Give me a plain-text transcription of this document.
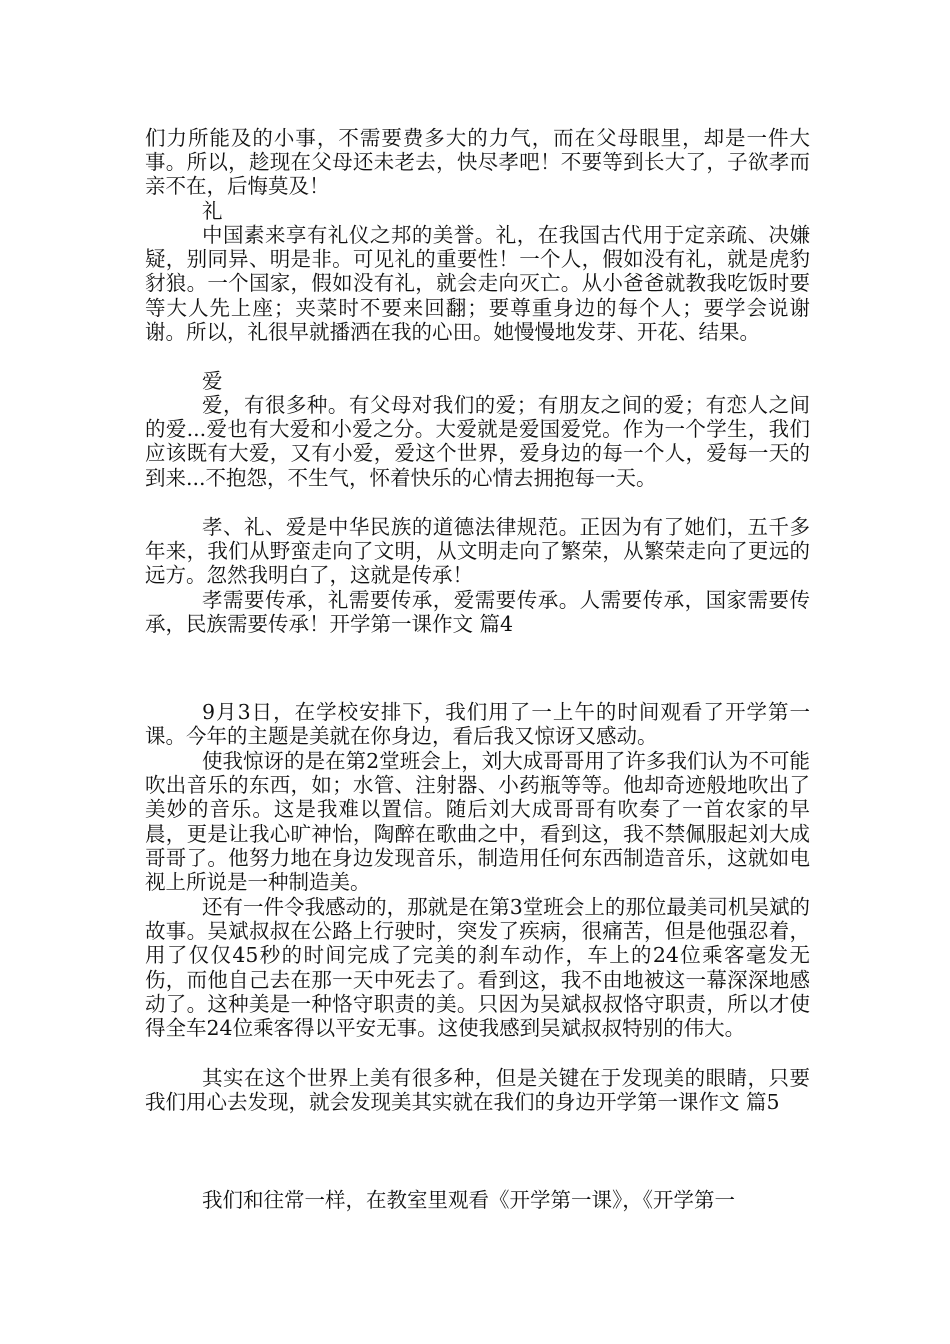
们力所能及的小事，不需要费多大的力气，而在父母眼里，却是一件大事。所以，趁现在父母还未老去，快尽孝吧！不要等到长大了，子欲孝而亲不在，后悔莫及！
礼
中国素来享有礼仪之邦的美誉。礼，在我国古代用于定亲疏、决嫌疑，别同异、明是非。可见礼的重要性！一个人，假如没有礼，就是虎豹豺狼。一个国家，假如没有礼，就会走向灭亡。从小爸爸就教我吃饭时要等大人先上座；夹菜时不要来回翻；要尊重身边的每个人；要学会说谢谢。所以，礼很早就播洒在我的心田。她慢慢地发芽、开花、结果。
爱
爱，有很多种。有父母对我们的爱；有朋友之间的爱；有恋人之间的爱...爱也有大爱和小爱之分。大爱就是爱国爱党。作为一个学生，我们应该既有大爱，又有小爱，爱这个世界，爱身边的每一个人，爱每一天的到来...不抱怨，不生气，怀着快乐的心情去拥抱每一天。
孝、礼、爱是中华民族的道德法律规范。正因为有了她们，五千多年来，我们从野蛮走向了文明，从文明走向了繁荣，从繁荣走向了更远的远方。忽然我明白了，这就是传承！
孝需要传承，礼需要传承，爱需要传承。人需要传承，国家需要传承，民族需要传承！开学第一课作文 篇4
9月3日，在学校安排下，我们用了一上午的时间观看了开学第一课。今年的主题是美就在你身边，看后我又惊讶又感动。
使我惊讶的是在第2堂班会上，刘大成哥哥用了许多我们认为不可能吹出音乐的东西，如；水管、注射器、小药瓶等等。他却奇迹般地吹出了美妙的音乐。这是我难以置信。随后刘大成哥哥有吹奏了一首农家的早晨，更是让我心旷神怡，陶醉在歌曲之中，看到这，我不禁佩服起刘大成哥哥了。他努力地在身边发现音乐，制造用任何东西制造音乐，这就如电视上所说是一种制造美。
还有一件令我感动的，那就是在第3堂班会上的那位最美司机吴斌的故事。吴斌叔叔在公路上行驶时，突发了疾病，很痛苦，但是他强忍着，用了仅仅45秒的时间完成了完美的刹车动作，车上的24位乘客毫发无伤，而他自己去在那一天中死去了。看到这，我不由地被这一幕深深地感动了。这种美是一种恪守职责的美。只因为吴斌叔叔恪守职责，所以才使得全车24位乘客得以平安无事。这使我感到吴斌叔叔特别的伟大。
其实在这个世界上美有很多种，但是关键在于发现美的眼睛，只要我们用心去发现，就会发现美其实就在我们的身边开学第一课作文 篇5
我们和往常一样，在教室里观看《开学第一课》，《开学第一
